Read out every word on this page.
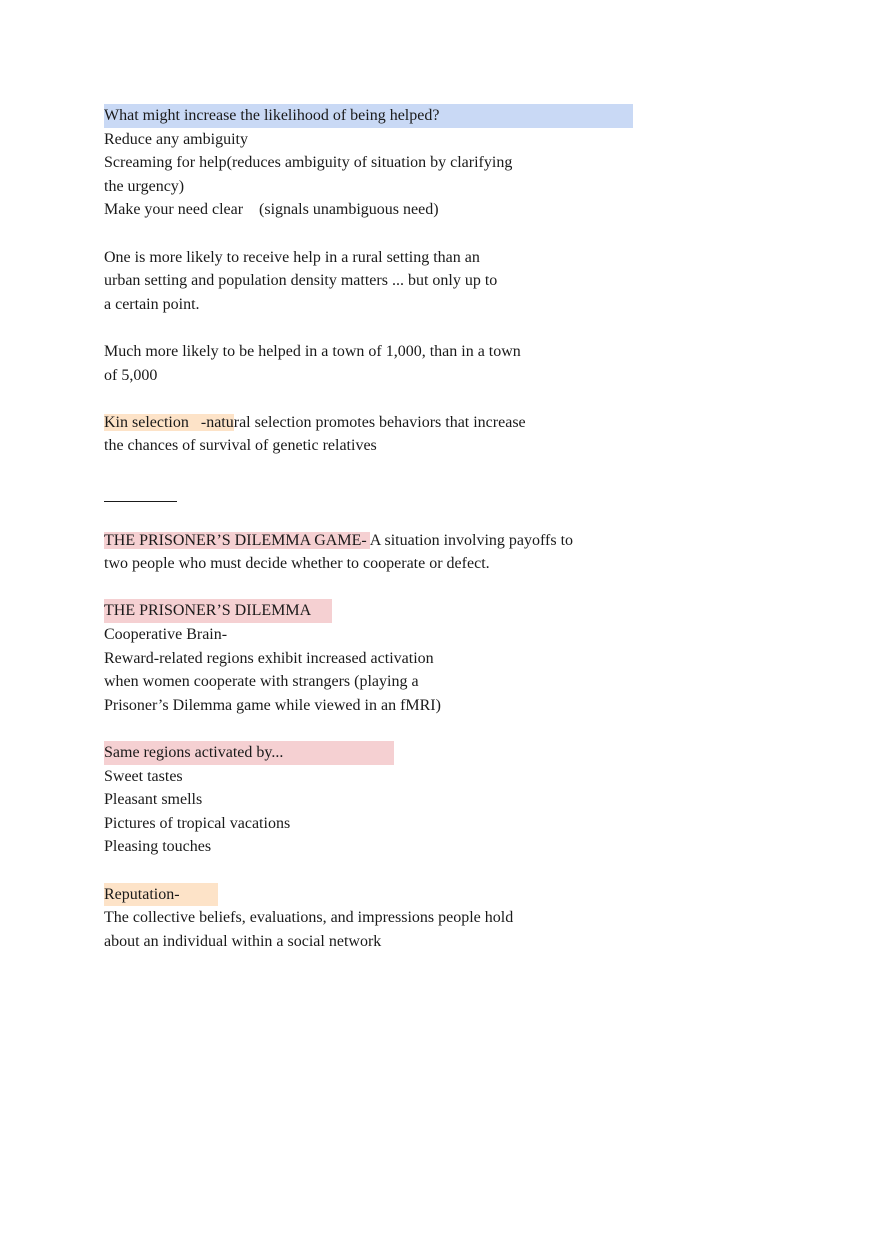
What might increase the likelihood of being helped?
Reduce any ambiguity
Screaming for help(reduces ambiguity of situation by clarifying
the urgency)
Make your need clear    (signals unambiguous need)
One is more likely to receive help in a rural setting than an
urban setting and population density matters ... but only up to
a certain point.
Much more likely to be helped in a town of 1,000, than in a town
of 5,000
Kin selection   -natural selection promotes behaviors that increase
the chances of survival of genetic relatives
THE PRISONER’S DILEMMA GAME- A situation involving payoffs to
two people who must decide whether to cooperate or defect.
THE PRISONER’S DILEMMA
Cooperative Brain-
Reward-related regions exhibit increased activation
when women cooperate with strangers (playing a
Prisoner’s Dilemma game while viewed in an fMRI)
Same regions activated by...
Sweet tastes
Pleasant smells
Pictures of tropical vacations
Pleasing touches
Reputation-
The collective beliefs, evaluations, and impressions people hold
about an individual within a social network
